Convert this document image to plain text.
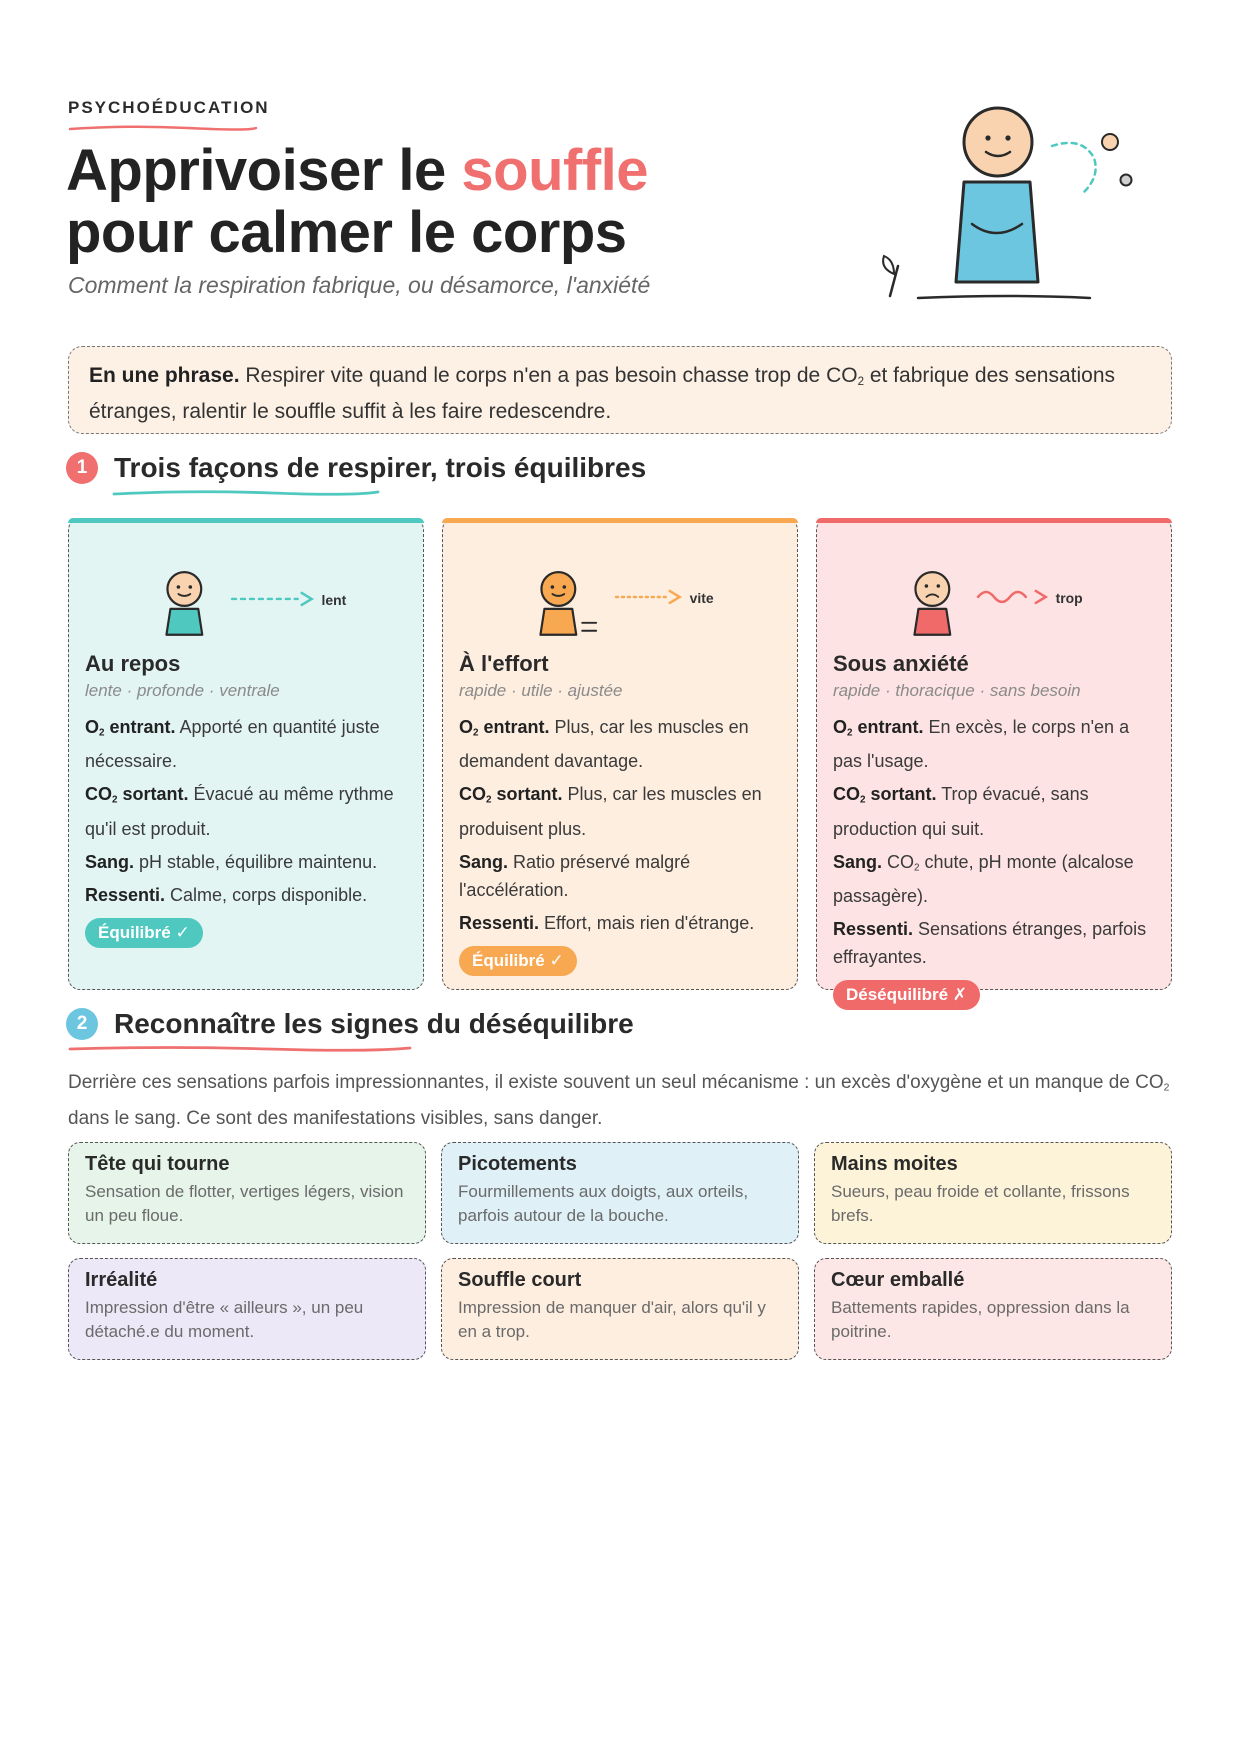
PSYCHOÉDUCATION
Apprivoiser le souffle
pour calmer le corps
Comment la respiration fabrique, ou désamorce, l'anxiété
En une phrase. Respirer vite quand le corps n'en a pas besoin chasse trop de $CO_2$ et fabrique des sensations étranges, ralentir le souffle suffit à les faire redescendre.
1 Trois façons de respirer, trois équilibres
lent
Au repos
lente · profonde · ventrale

$O_2$ entrant. Apporté en quantité juste nécessaire.

$CO_2$ sortant. Évacué au même rythme qu'il est produit.

Sang. pH stable, équilibre maintenu.

Ressenti. Calme, corps disponible.

Équilibré ✓
vite
À l'effort
rapide · utile · ajustée

$O_2$ entrant. Plus, car les muscles en demandent davantage.

$CO_2$ sortant. Plus, car les muscles en produisent plus.

Sang. Ratio préservé malgré l'accélération.

Ressenti. Effort, mais rien d'étrange.

Équilibré ✓
trop
Sous anxiété
rapide · thoracique · sans besoin

$O_2$ entrant. En excès, le corps n'en a pas l'usage.

$CO_2$ sortant. Trop évacué, sans production qui suit.

Sang. $CO_2$ chute, pH monte (alcalose passagère).

Ressenti. Sensations étranges, parfois effrayantes.

Déséquilibré ✗
2 Reconnaître les signes du déséquilibre
Derrière ces sensations parfois impressionnantes, il existe souvent un seul mécanisme : un excès d'oxygène et un manque de $CO_2$ dans le sang. Ce sont des manifestations visibles, sans danger.
Tête qui tourne
Sensation de flotter, vertiges légers, vision un peu floue.
Picotements
Fourmillements aux doigts, aux orteils, parfois autour de la bouche.
Mains moites
Sueurs, peau froide et collante, frissons brefs.
Irréalité
Impression d'être « ailleurs », un peu détaché.e du moment.
Souffle court
Impression de manquer d'air, alors qu'il y en a trop.
Cœur emballé
Battements rapides, oppression dans la poitrine.
